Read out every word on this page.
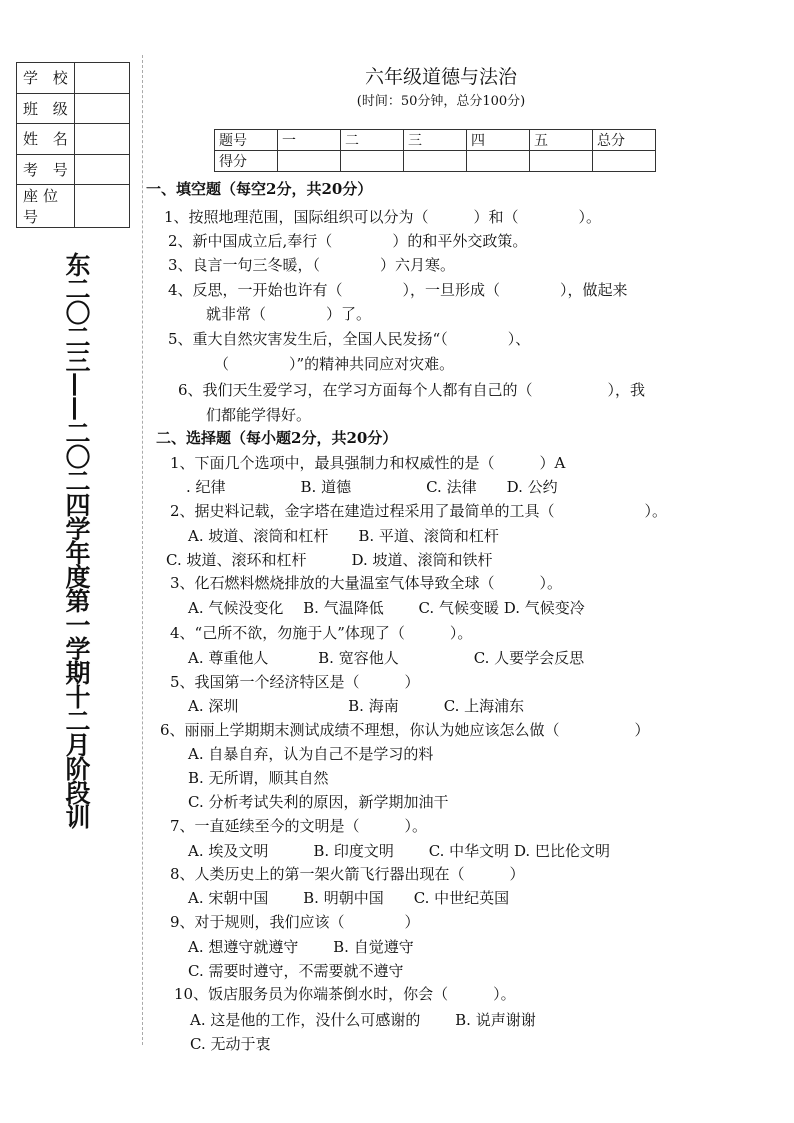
学 校	
班 级	
姓 名	
考 号	
座位号	
东二〇二三——二〇二四学年度第一学期十二月阶段训
六年级道德与法治
(时间：50分钟，总分100分)
题号	一	二	三	四	五	总分
得分						
一、填空题（每空2分，共20分）
1、按照地理范围，国际组织可以分为（　　　）和（　　　　）。
2、新中国成立后,奉行（　　　　）的和平外交政策。
3、良言一句三冬暖，（　　　　）六月寒。
4、反思，一开始也许有（　　　　），一旦形成（　　　　），做起来
就非常（　　　　）了。
5、重大自然灾害发生后，全国人民发扬“（　　　　）、
（　　　　）”的精神共同应对灾难。
6、我们天生爱学习，在学习方面每个人都有自己的（　　　　　），我
们都能学得好。
二、选择题（每小题2分，共20分）
1、下面几个选项中，最具强制力和权威性的是（　　　）A
. 纪律　　　　　B. 道德　　　　　C. 法律　　D. 公约
2、据史料记载，金字塔在建造过程采用了最简单的工具（　　　　　　）。
A. 坡道、滚筒和杠杆　　B. 平道、滚筒和杠杆
C. 坡道、滚环和杠杆　　　D. 坡道、滚筒和铁杆
3、化石燃料燃烧排放的大量温室气体导致全球（　　　）。
A. 气候没变化　 B. 气温降低　　 C. 气候变暖 D. 气候变冷
4、“己所不欲，勿施于人”体现了（　　　）。
A. 尊重他人　　　 B. 宽容他人　　　　　C. 人要学会反思
5、我国第一个经济特区是（　　　）
A. 深圳　　　　　　　 B. 海南　　　C. 上海浦东
6、丽丽上学期期末测试成绩不理想，你认为她应该怎么做（　　　　　）
A. 自暴自弃，认为自己不是学习的料
B. 无所谓，顺其自然
C. 分析考试失利的原因，新学期加油干
7、一直延续至今的文明是（　　　）。
A. 埃及文明　　　B. 印度文明　　 C. 中华文明 D. 巴比伦文明
8、人类历史上的第一架火箭飞行器出现在（　　　）
A. 宋朝中国　　 B. 明朝中国　　C. 中世纪英国
9、对于规则，我们应该（　　　　）
A. 想遵守就遵守　　 B. 自觉遵守
C. 需要时遵守，不需要就不遵守
10、饭店服务员为你端茶倒水时，你会（　　　）。
A. 这是他的工作，没什么可感谢的　　 B. 说声谢谢
C. 无动于衷
